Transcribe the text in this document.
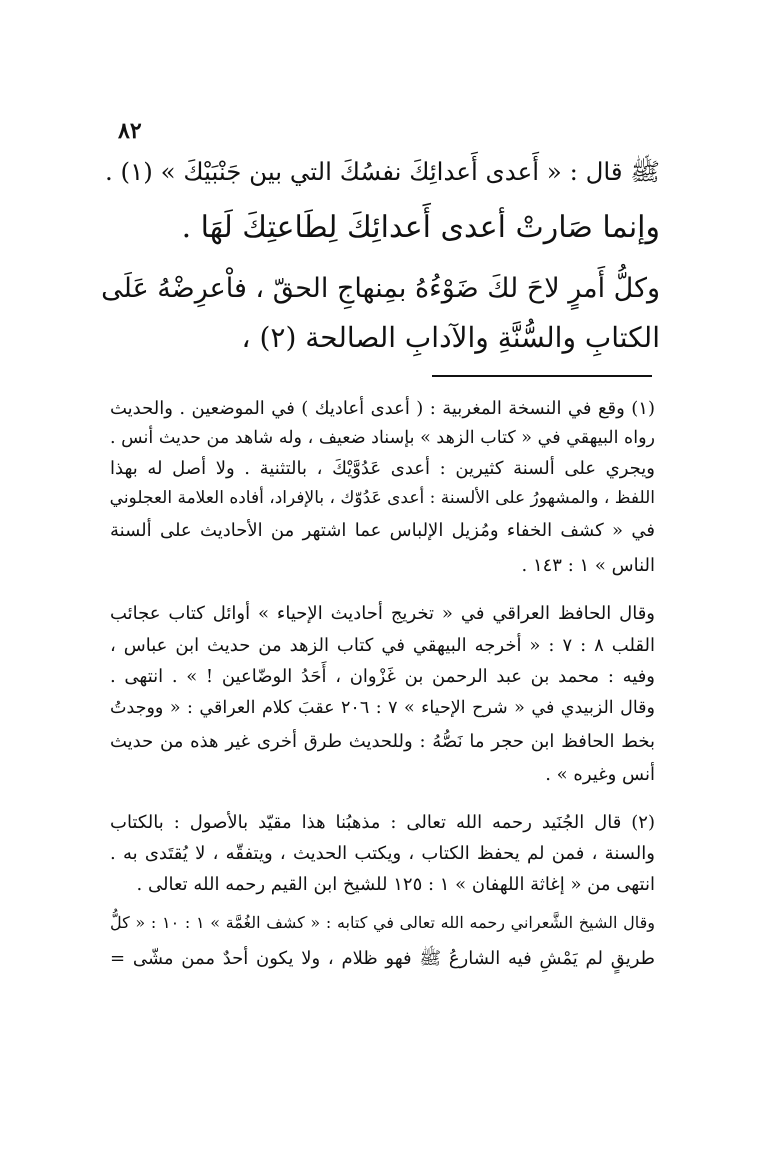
٨٢
ﷺ قال : « أَعدى أَعدائِكَ نفسُكَ التي بين جَنْبَيْكَ » (١) .
وإنما صَارتْ أعدى أَعدائِكَ لِطَاعتِكَ لَهَا .
وكلُّ أَمرٍ لاحَ لكَ ضَوْءُهُ بمِنهاجِ الحقّ ، فاْعرِضْهُ عَلَى
الكتابِ والسُّنَّةِ والآدابِ الصالحة (٢) ،
(١) وقع في النسخة المغربية : ( أعدى أعاديك ) في الموضعين . والحديث
رواه البيهقي في « كتاب الزهد » بإسناد ضعيف ، وله شاهد من حديث أنس .
ويجري على ألسنة كثيرين : أعدى عَدُوَّيْكَ ، بالتثنية . ولا أصل له بهذا
اللفظ ، والمشهورُ على الألسنة : أعدى عَدُوّك ، بالإفراد، أفاده العلامة العجلوني
في « كشف الخفاء ومُزيل الإلباس عما اشتهر من الأحاديث على ألسنة
الناس » ١ : ١٤٣ .
وقال الحافظ العراقي في « تخريج أحاديث الإحياء » أوائل كتاب عجائب
القلب ٨ : ٧ : « أخرجه البيهقي في كتاب الزهد من حديث ابن عباس ،
وفيه : محمد بن عبد الرحمن بن غَزْوان ، أَحَدُ الوضّاعين ! » . انتهى .
وقال الزبيدي في « شرح الإحياء » ٧ : ٢٠٦ عقبَ كلام العراقي : « ووجدتُ
بخط الحافظ ابن حجر ما نَصُّهُ : وللحديث طرق أخرى غير هذه من حديث
أنس وغيره » .
(٢) قال الجُنَيد رحمه الله تعالى : مذهبُنا هذا مقيّد بالأصول : بالكتاب
والسنة ، فمن لم يحفظ الكتاب ، ويكتب الحديث ، ويتفقّه ، لا يُقتَدى به .
انتهى من « إغاثة اللهفان » ١ : ١٢٥ للشيخ ابن القيم رحمه الله تعالى .
وقال الشيخ الشَّعراني رحمه الله تعالى في كتابه : « كشف الغُمَّة » ١ : ١٠ : « كلُّ
طريقٍ لم يَمْشِ فيه الشارعُ ﷺ فهو ظلام ، ولا يكون أحدٌ ممن مشّى =
